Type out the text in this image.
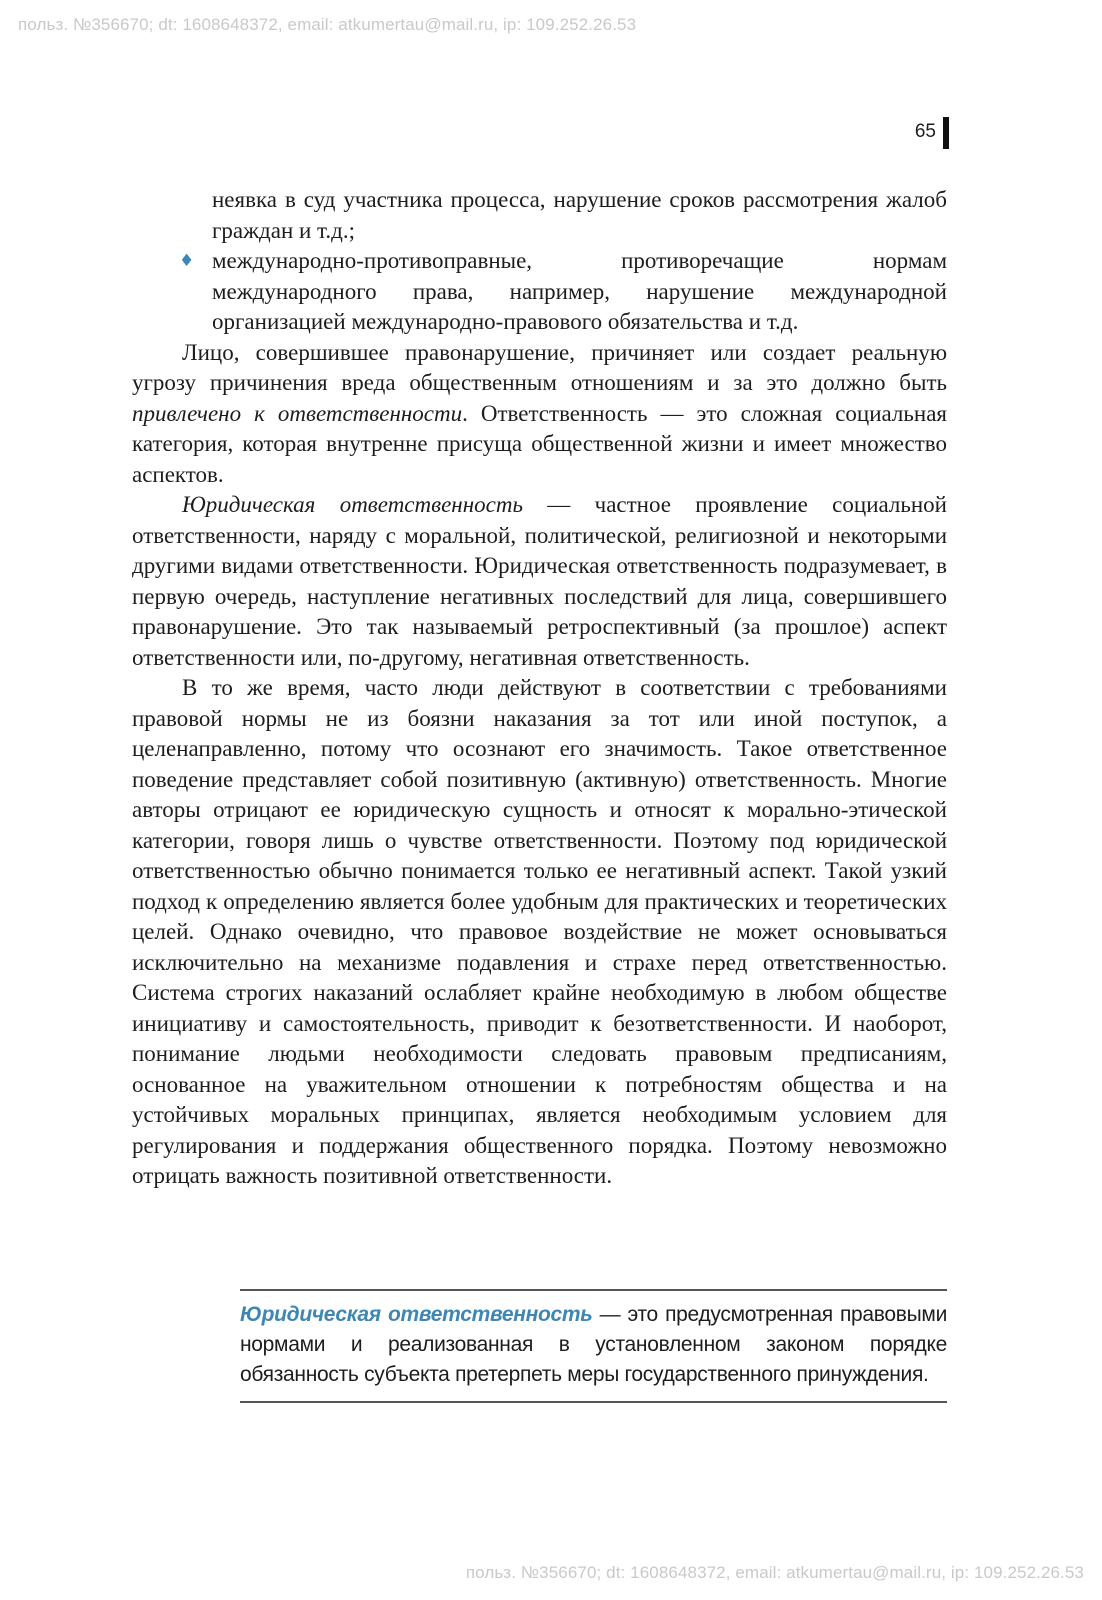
польз. №356670; dt: 1608648372, email: atkumertau@mail.ru, ip: 109.252.26.53
65
неявка в суд участника процесса, нарушение сроков рассмотрения жалоб граждан и т.д.;
♦ международно-противоправные, противоречащие нормам международного права, например, нарушение международной организацией международно-правового обязательства и т.д.

Лицо, совершившее правонарушение, причиняет или создает реальную угрозу причинения вреда общественным отношениям и за это должно быть привлечено к ответственности. Ответственность — это сложная социальная категория, которая внутренне присуща общественной жизни и имеет множество аспектов.

Юридическая ответственность — частное проявление социальной ответственности, наряду с моральной, политической, религиозной и некоторыми другими видами ответственности. Юридическая ответственность подразумевает, в первую очередь, наступление негативных последствий для лица, совершившего правонарушение. Это так называемый ретроспективный (за прошлое) аспект ответственности или, по-другому, негативная ответственность.

В то же время, часто люди действуют в соответствии с требованиями правовой нормы не из боязни наказания за тот или иной поступок, а целенаправленно, потому что осознают его значимость. Такое ответственное поведение представляет собой позитивную (активную) ответственность. Многие авторы отрицают ее юридическую сущность и относят к морально-этической категории, говоря лишь о чувстве ответственности. Поэтому под юридической ответственностью обычно понимается только ее негативный аспект. Такой узкий подход к определению является более удобным для практических и теоретических целей. Однако очевидно, что правовое воздействие не может основываться исключительно на механизме подавления и страхе перед ответственностью. Система строгих наказаний ослабляет крайне необходимую в любом обществе инициативу и самостоятельность, приводит к безответственности. И наоборот, понимание людьми необходимости следовать правовым предписаниям, основанное на уважительном отношении к потребностям общества и на устойчивых моральных принципах, является необходимым условием для регулирования и поддержания общественного порядка. Поэтому невозможно отрицать важность позитивной ответственности.

Юридическая ответственность — это предусмотренная правовыми нормами и реализованная в установленном законом порядке обязанность субъекта претерпеть меры государственного принуждения.
польз. №356670; dt: 1608648372, email: atkumertau@mail.ru, ip: 109.252.26.53
